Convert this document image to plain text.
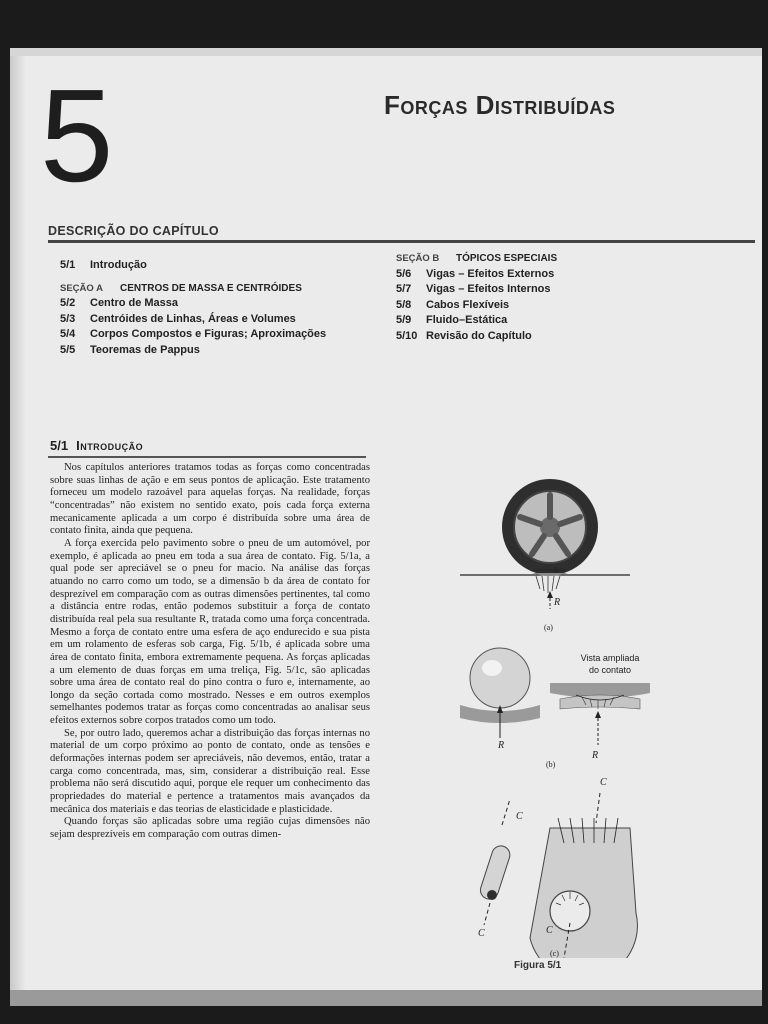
5	Forças Distribuídas
DESCRIÇÃO DO CAPÍTULO
5/1 Introdução
SEÇÃO A CENTROS DE MASSA E CENTRÓIDES
5/2 Centro de Massa
5/3 Centróides de Linhas, Áreas e Volumes
5/4 Corpos Compostos e Figuras; Aproximações
5/5 Teoremas de Pappus
SEÇÃO B TÓPICOS ESPECIAIS
5/6 Vigas – Efeitos Externos
5/7 Vigas – Efeitos Internos
5/8 Cabos Flexíveis
5/9 Fluido–Estática
5/10 Revisão do Capítulo
5/1 Introdução

Nos capítulos anteriores tratamos todas as forças como concentradas sobre suas linhas de ação e em seus pontos de aplicação. Este tratamento forneceu um modelo razoável para aquelas forças. Na realidade, forças “concentradas” não existem no sentido exato, pois cada força externa mecanicamente aplicada a um corpo é distribuída sobre uma área de contato finita, ainda que pequena.

A força exercida pelo pavimento sobre o pneu de um automóvel, por exemplo, é aplicada ao pneu em toda a sua área de contato. Fig. 5/1a, a qual pode ser apreciável se o pneu for macio. Na análise das forças atuando no carro como um todo, se a dimensão b da área de contato for desprezível em comparação com as outras dimensões pertinentes, tal como a distância entre rodas, então podemos substituir a força de contato distribuída real pela sua resultante R, tratada como uma força concentrada. Mesmo a força de contato entre uma esfera de aço endurecido e sua pista em um rolamento de esferas sob carga, Fig. 5/1b, é aplicada sobre uma área de contato finita, embora extremamente pequena. As forças aplicadas a um elemento de duas forças em uma treliça, Fig. 5/1c, são aplicadas sobre uma área de contato real do pino contra o furo e, internamente, ao longo da seção cortada como mostrado. Nesses e em outros exemplos semelhantes podemos tratar as forças como concentradas ao analisar seus efeitos externos sobre corpos tratados como um todo.

Se, por outro lado, queremos achar a distribuição das forças internas no material de um corpo próximo ao ponto de contato, onde as tensões e deformações internas podem ser apreciáveis, não devemos, então, tratar a carga como concentrada, mas, sim, considerar a distribuição real. Esse problema não será discutido aqui, porque ele requer um conhecimento das propriedades do material e pertence a tratamentos mais avançados da mecânica dos materiais e das teorias de elasticidade e plasticidade.

Quando forças são aplicadas sobre uma região cujas dimensões não sejam desprezíveis em comparação com outras dimen-

b
R
(a)
R
Vista ampliada
do contato
R
(b)
C
C
C	C
(c)
Figura 5/1
